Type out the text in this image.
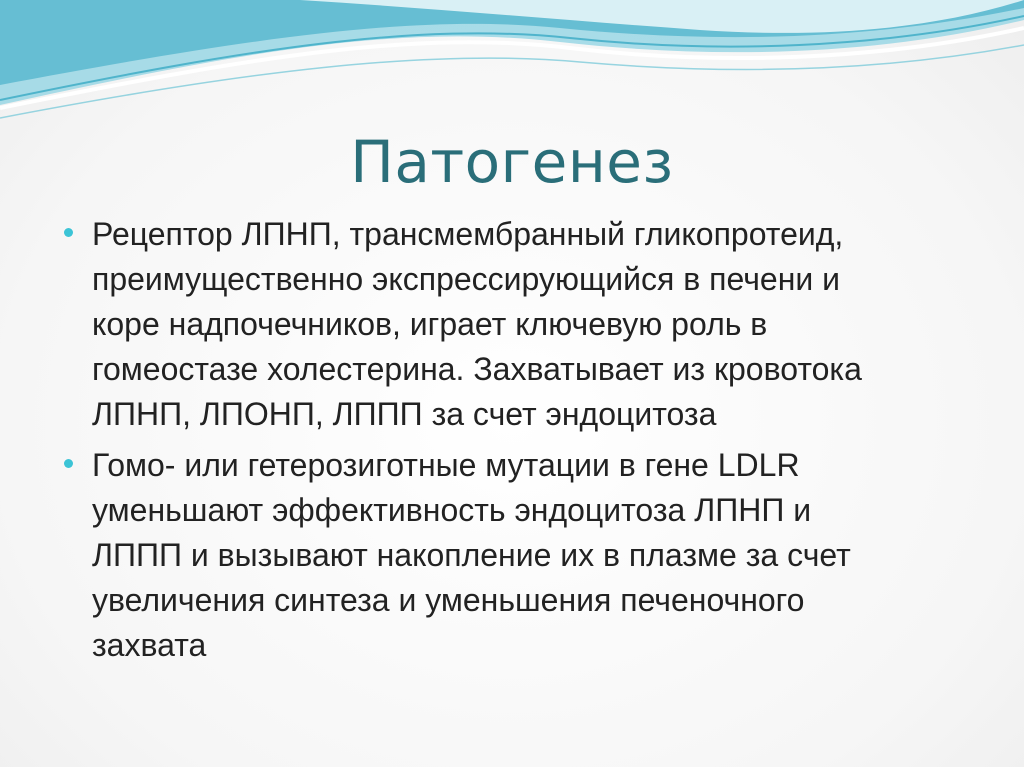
Патогенез
Рецептор ЛПНП, трансмембранный гликопротеид,
преимущественно экспрессирующийся в печени и
коре надпочечников, играет ключевую роль в
гомеостазе холестерина. Захватывает из кровотока
ЛПНП, ЛПОНП, ЛППП за счет эндоцитоза
Гомо- или гетерозиготные мутации в гене LDLR
уменьшают эффективность эндоцитоза ЛПНП и
ЛППП и вызывают накопление их в плазме за счет
увеличения синтеза и уменьшения печеночного
захвата
